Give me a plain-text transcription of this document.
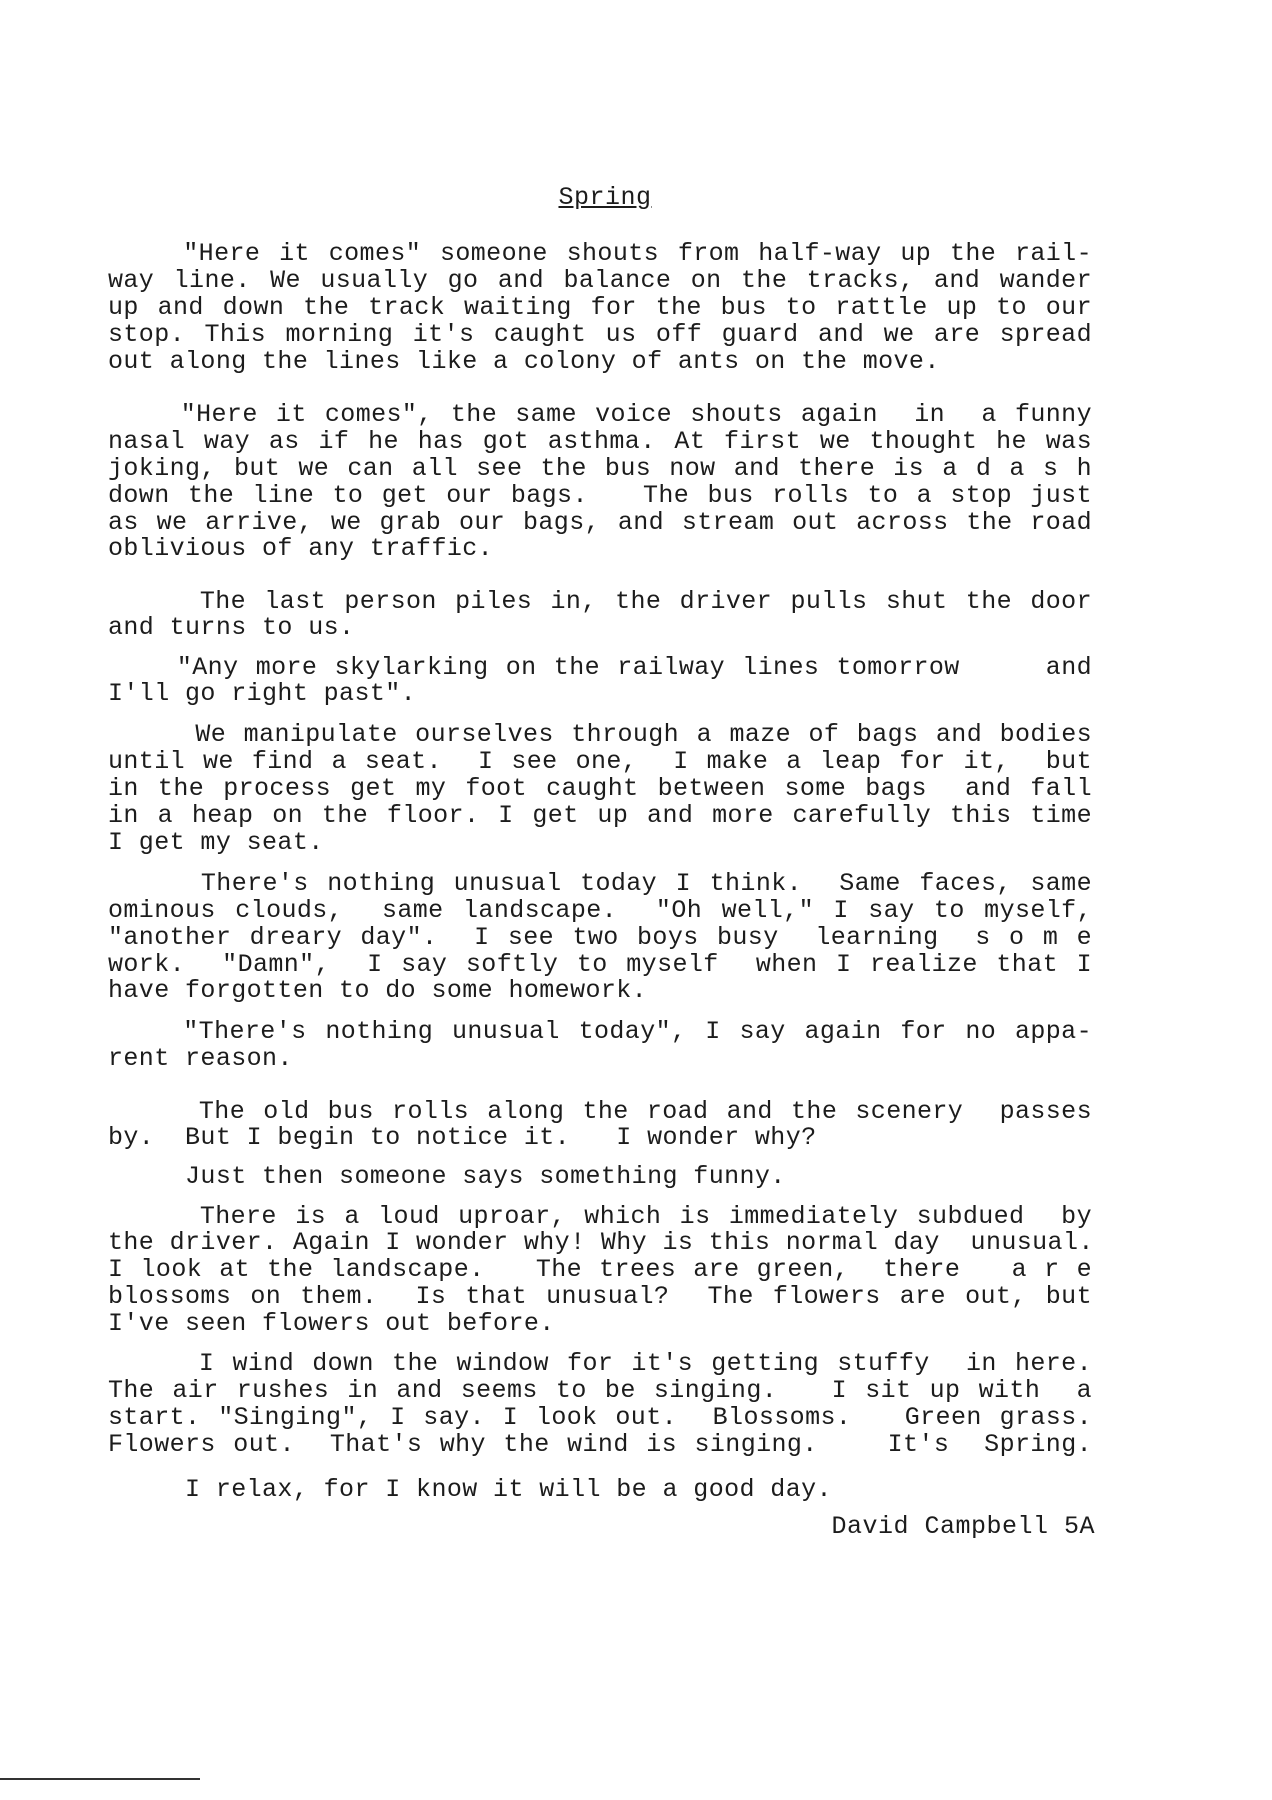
Spring
"Here it comes" someone shouts from half-way up the rail-
way line. We usually go and balance on the tracks, and wander
up and down the track waiting for the bus to rattle up to our
stop. This morning it's caught us off guard and we are spread
out along the lines like a colony of ants on the move.
"Here it comes", the same voice shouts again  in  a funny
nasal way as if he has got asthma. At first we thought he was
joking, but we can all see the bus now and there is a d a s h
down the line to get our bags.   The bus rolls to a stop just
as we arrive, we grab our bags, and stream out across the road
oblivious of any traffic.
The last person piles in, the driver pulls shut the door
and turns to us.
"Any more skylarking on the railway lines tomorrow     and
I'll go right past".
We manipulate ourselves through a maze of bags and bodies
until we find a seat.  I see one,  I make a leap for it,  but
in the process get my foot caught between some bags  and fall
in a heap on the floor. I get up and more carefully this time
I get my seat.
There's nothing unusual today I think.  Same faces, same
ominous clouds,  same landscape.  "Oh well," I say to myself,
"another dreary day".  I see two boys busy  learning  s o m e
work.  "Damn",  I say softly to myself  when I realize that I
have forgotten to do some homework.
"There's nothing unusual today", I say again for no appa-
rent reason.
The old bus rolls along the road and the scenery  passes
by.  But I begin to notice it.   I wonder why?
Just then someone says something funny.
There is a loud uproar, which is immediately subdued  by
the driver. Again I wonder why! Why is this normal day  unusual.
I look at the landscape.   The trees are green,  there   a r e
blossoms on them.  Is that unusual?  The flowers are out, but
I've seen flowers out before.
I wind down the window for it's getting stuffy  in here.
The air rushes in and seems to be singing.   I sit up with  a
start. "Singing", I say. I look out.  Blossoms.   Green grass.
Flowers out.  That's why the wind is singing.    It's  Spring.
I relax, for I know it will be a good day.
David Campbell 5A
